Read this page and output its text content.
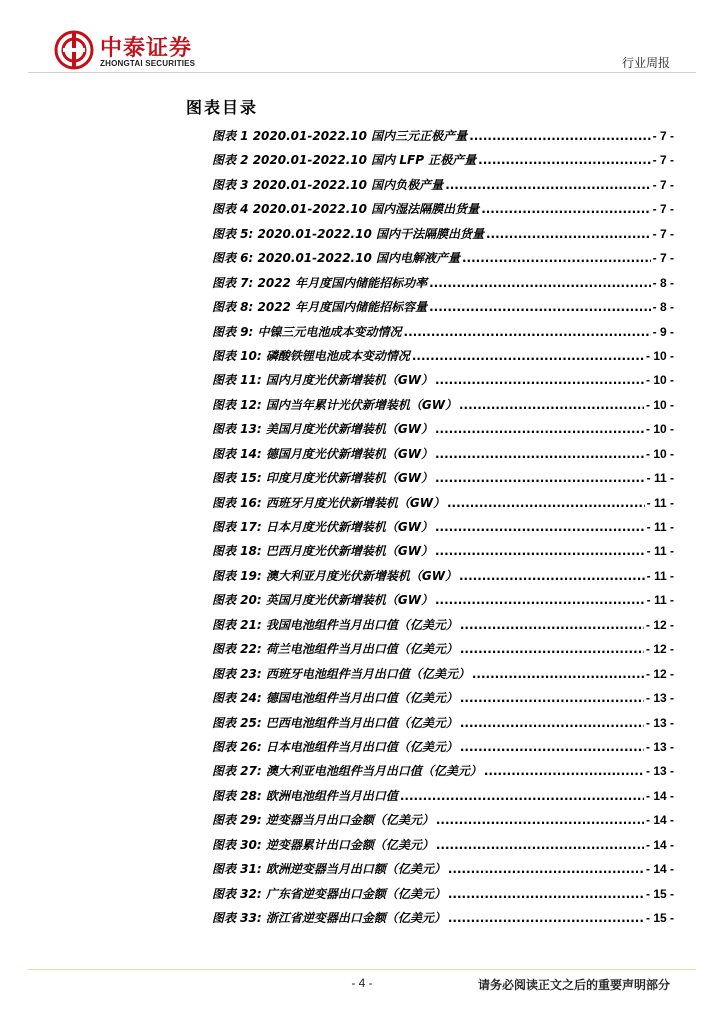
中泰证券
ZHONGTAI SECURITIES	行业周报
图表目录
图表 1 2020.01-2022.10 国内三元正极产量 .....	- 7 -
图表 2 2020.01-2022.10 国内 LFP 正极产量 .....	- 7 -
图表 3 2020.01-2022.10 国内负极产量 .....	- 7 -
图表 4 2020.01-2022.10 国内湿法隔膜出货量 .....	- 7 -
图表 5: 2020.01-2022.10 国内干法隔膜出货量 .....	- 7 -
图表 6: 2020.01-2022.10 国内电解液产量 .....	- 7 -
图表 7: 2022 年月度国内储能招标功率 .....	- 8 -
图表 8: 2022 年月度国内储能招标容量 .....	- 8 -
图表 9: 中镍三元电池成本变动情况 .....	- 9 -
图表 10: 磷酸铁锂电池成本变动情况 .....	- 10 -
图表 11: 国内月度光伏新增装机（GW） .....	- 10 -
图表 12: 国内当年累计光伏新增装机（GW） .....	- 10 -
图表 13: 美国月度光伏新增装机（GW） .....	- 10 -
图表 14: 德国月度光伏新增装机（GW） .....	- 10 -
图表 15: 印度月度光伏新增装机（GW） .....	- 11 -
图表 16: 西班牙月度光伏新增装机（GW） .....	- 11 -
图表 17: 日本月度光伏新增装机（GW） .....	- 11 -
图表 18: 巴西月度光伏新增装机（GW） .....	- 11 -
图表 19: 澳大利亚月度光伏新增装机（GW） .....	- 11 -
图表 20: 英国月度光伏新增装机（GW） .....	- 11 -
图表 21: 我国电池组件当月出口值（亿美元） .....	- 12 -
图表 22: 荷兰电池组件当月出口值（亿美元） .....	- 12 -
图表 23: 西班牙电池组件当月出口值（亿美元） .....	- 12 -
图表 24: 德国电池组件当月出口值（亿美元） .....	- 13 -
图表 25: 巴西电池组件当月出口值（亿美元） .....	- 13 -
图表 26: 日本电池组件当月出口值（亿美元） .....	- 13 -
图表 27: 澳大利亚电池组件当月出口值（亿美元） .....	- 13 -
图表 28: 欧洲电池组件当月出口值 .....	- 14 -
图表 29: 逆变器当月出口金额（亿美元） .....	- 14 -
图表 30: 逆变器累计出口金额（亿美元） .....	- 14 -
图表 31: 欧洲逆变器当月出口额（亿美元） .....	- 14 -
图表 32: 广东省逆变器出口金额（亿美元） .....	- 15 -
图表 33: 浙江省逆变器出口金额（亿美元） .....	- 15 -
- 4 -	请务必阅读正文之后的重要声明部分
